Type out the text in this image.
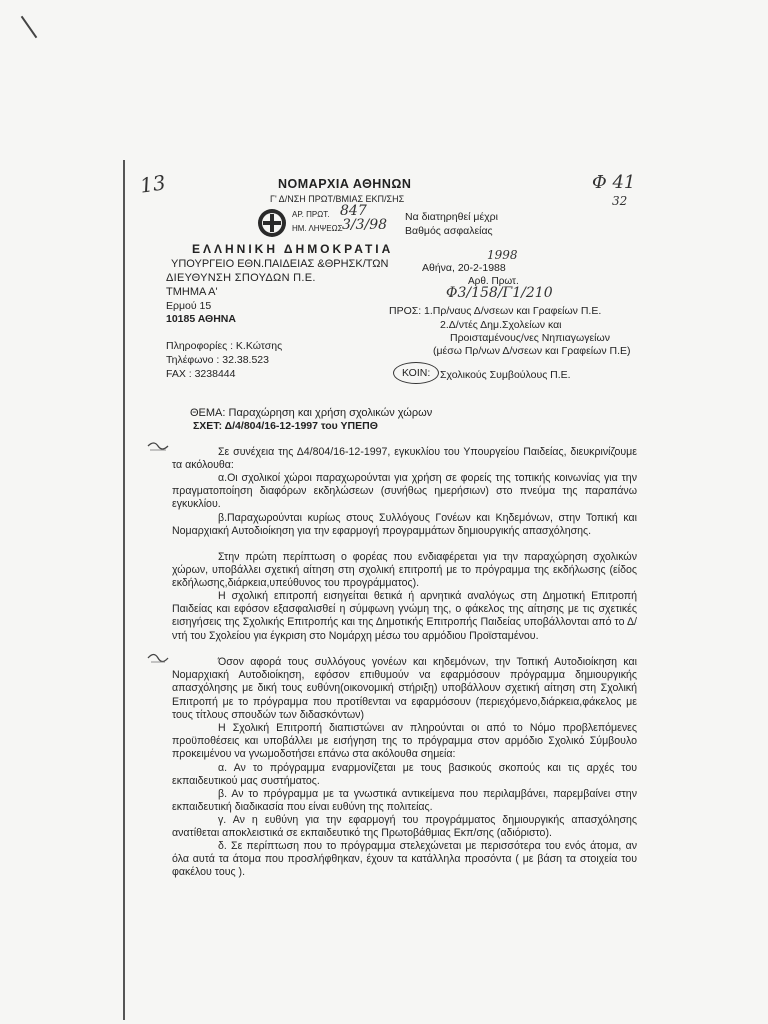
13	Φ 41
32
ΝΟΜΑΡΧΙΑ ΑΘΗΝΩΝ
Γ' Δ/ΝΣΗ ΠΡΩΤ/ΒΜΙΑΣ ΕΚΠ/ΣΗΣ
ΑΡ. ΠΡΩΤ. 847
ΗΜ. ΛΗΨΕΩΣ 3/3/98 Να διατηρηθεί μέχρι
Βαθμός ασφαλείας
ΕΛΛΗΝΙΚΗ ΔΗΜΟΚΡΑΤΙΑ
ΥΠΟΥΡΓΕΙΟ ΕΘΝ.ΠΑΙΔΕΙΑΣ &ΘΡΗΣΚ/ΤΩΝ
ΔΙΕΥΘΥΝΣΗ ΣΠΟΥΔΩΝ Π.Ε.
ΤΜΗΜΑ Α'
Ερμού 15
10185 ΑΘΗΝΑ
Πληροφορίες : Κ.Κώτσης
Τηλέφωνο : 32.38.523
FAX : 3238444
1998
Αθήνα, 20-2-1988
Αρθ. Πρωτ.
Φ3/158/Γ1/210
ΠΡΟΣ: 1.Πρ/ναυς Δ/νσεων και Γραφείων Π.Ε.
2.Δ/ντές Δημ.Σχολείων και
Προισταμένους/νες Νηπιαγωγείων
(μέσω Πρ/νων Δ/νσεων και Γραφείων Π.Ε)
ΚΟΙΝ: Σχολικούς Συμβούλους Π.Ε.
ΘΕΜΑ: Παραχώρηση και χρήση σχολικών χώρων
ΣΧΕΤ: Δ/4/804/16-12-1997 του ΥΠΕΠΘ
Σε συνέχεια της Δ4/804/16-12-1997, εγκυκλίου του Υπουργείου Παιδείας, διευκρινίζουμε τα ακόλουθα:
α.Οι σχολικοί χώροι παραχωρούνται για χρήση σε φορείς της τοπικής κοινωνίας για την πραγματοποίηση διαφόρων εκδηλώσεων (συνήθως ημερήσιων) στο πνεύμα της παραπάνω εγκυκλίου.
β.Παραχωρούνται κυρίως στους Συλλόγους Γονέων και Κηδεμόνων, στην Τοπική και Νομαρχιακή Αυτοδιοίκηση για την εφαρμογή προγραμμάτων δημιουργικής απασχόλησης.
Στην πρώτη περίπτωση ο φορέας που ενδιαφέρεται για την παραχώρηση σχολικών χώρων, υποβάλλει σχετική αίτηση στη σχολική επιτροπή με το πρόγραμμα της εκδήλωσης (είδος εκδήλωσης,διάρκεια,υπεύθυνος του προγράμματος).
Η σχολική επιτροπή εισηγείται θετικά ή αρνητικά αναλόγως στη Δημοτική Επιτροπή Παιδείας και εφόσον εξασφαλισθεί η σύμφωνη γνώμη της, ο φάκελος της αίτησης με τις σχετικές εισηγήσεις της Σχολικής Επιτροπής και της Δημοτικής Επιτροπής Παιδείας υποβάλλονται από το Δ/ντή του Σχολείου για έγκριση στο Νομάρχη μέσω του αρμόδιου Προϊσταμένου.
Όσον αφορά τους συλλόγους γονέων και κηδεμόνων, την Τοπική Αυτοδιοίκηση και Νομαρχιακή Αυτοδιοίκηση, εφόσον επιθυμούν να εφαρμόσουν πρόγραμμα δημιουργικής απασχόλησης με δική τους ευθύνη(οικονομική στήριξη) υποβάλλουν σχετική αίτηση στη Σχολική Επιτροπή με το πρόγραμμα που προτίθενται να εφαρμόσουν (περιεχόμενο,διάρκεια,φάκελος με τους τίτλους σπουδών των διδασκόντων)
Η Σχολική Επιτροπή διαπιστώνει αν πληρούνται οι από το Νόμο προβλεπόμενες προϋποθέσεις και υποβάλλει με εισήγηση της το πρόγραμμα στον αρμόδιο Σχολικό Σύμβουλο προκειμένου να γνωμοδοτήσει επάνω στα ακόλουθα σημεία:
α. Αν το πρόγραμμα εναρμονίζεται με τους βασικούς σκοπούς και τις αρχές του εκπαιδευτικού μας συστήματος.
β. Αν το πρόγραμμα με τα γνωστικά αντικείμενα που περιλαμβάνει, παρεμβαίνει στην εκπαιδευτική διαδικασία που είναι ευθύνη της πολιτείας.
γ. Αν η ευθύνη για την εφαρμογή του προγράμματος δημιουργικής απασχόλησης ανατίθεται αποκλειστικά σε εκπαιδευτικό της Πρωτοβάθμιας Εκπ/σης (αδιόριστο).
δ. Σε περίπτωση που το πρόγραμμα στελεχώνεται με περισσότερα του ενός άτομα, αν όλα αυτά τα άτομα που προσλήφθηκαν, έχουν τα κατάλληλα προσόντα ( με βάση τα στοιχεία του φακέλου τους ).
